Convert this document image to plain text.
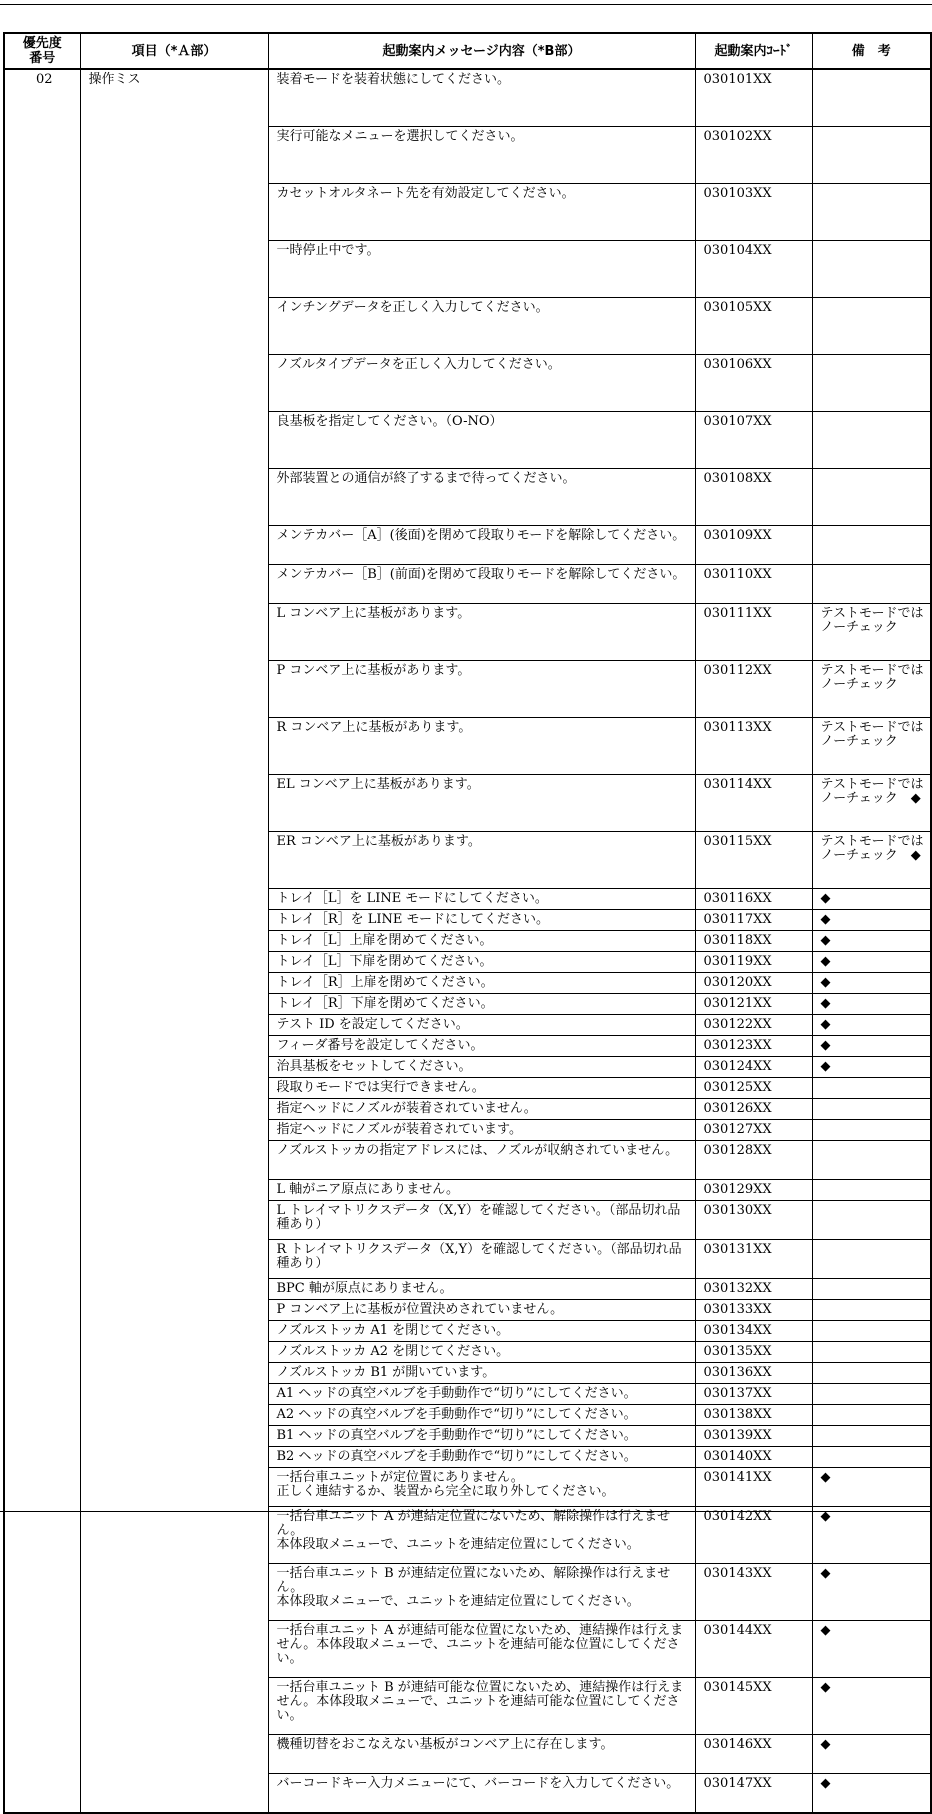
優先度
番号	項目（*Ａ部）	起動案内メッセージ内容（*B部）	起動案内ｺｰﾄﾞ	備　考
02	操作ミス	装着モードを装着状態にしてください。	030101XX	
		実行可能なメニューを選択してください。	030102XX	
		カセットオルタネート先を有効設定してください。	030103XX	
		一時停止中です。	030104XX	
		インチングデータを正しく入力してください。	030105XX	
		ノズルタイプデータを正しく入力してください。	030106XX	
		良基板を指定してください。（O-NO）	030107XX	
		外部装置との通信が終了するまで待ってください。	030108XX	
		メンテカバー［A］(後面)を閉めて段取りモードを解除してください。	030109XX	
		メンテカバー［B］(前面)を閉めて段取りモードを解除してください。	030110XX	
		L コンベア上に基板があります。	030111XX	テストモードではノーチェック
		P コンベア上に基板があります。	030112XX	テストモードではノーチェック
		R コンベア上に基板があります。	030113XX	テストモードではノーチェック
		EL コンベア上に基板があります。	030114XX	テストモードではノーチェック　◆
		ER コンベア上に基板があります。	030115XX	テストモードではノーチェック　◆
		トレイ［L］を LINE モードにしてください。	030116XX	◆
		トレイ［R］を LINE モードにしてください。	030117XX	◆
		トレイ［L］上扉を閉めてください。	030118XX	◆
		トレイ［L］下扉を閉めてください。	030119XX	◆
		トレイ［R］上扉を閉めてください。	030120XX	◆
		トレイ［R］下扉を閉めてください。	030121XX	◆
		テスト ID を設定してください。	030122XX	◆
		フィーダ番号を設定してください。	030123XX	◆
		治具基板をセットしてください。	030124XX	◆
		段取りモードでは実行できません。	030125XX	
		指定ヘッドにノズルが装着されていません。	030126XX	
		指定ヘッドにノズルが装着されています。	030127XX	
		ノズルストッカの指定アドレスには、ノズルが収納されていません。	030128XX	
		L 軸がニア原点にありません。	030129XX	
		L トレイマトリクスデータ（X,Y）を確認してください。（部品切れ品種あり）	030130XX	
		R トレイマトリクスデータ（X,Y）を確認してください。（部品切れ品種あり）	030131XX	
		BPC 軸が原点にありません。	030132XX	
		P コンベア上に基板が位置決めされていません。	030133XX	
		ノズルストッカ A1 を閉じてください。	030134XX	
		ノズルストッカ A2 を閉じてください。	030135XX	
		ノズルストッカ B1 が開いています。	030136XX	
		A1 ヘッドの真空バルブを手動動作で“切り”にしてください。	030137XX	
		A2 ヘッドの真空バルブを手動動作で“切り”にしてください。	030138XX	
		B1 ヘッドの真空バルブを手動動作で“切り”にしてください。	030139XX	
		B2 ヘッドの真空バルブを手動動作で“切り”にしてください。	030140XX	
		一括台車ユニットが定位置にありません。
正しく連結するか、装置から完全に取り外してください。	030141XX	◆
		一括台車ユニット A が連結定位置にないため、解除操作は行えません。
本体段取メニューで、ユニットを連結定位置にしてください。	030142XX	◆
		一括台車ユニット B が連結定位置にないため、解除操作は行えません。
本体段取メニューで、ユニットを連結定位置にしてください。	030143XX	◆
		一括台車ユニット A が連結可能な位置にないため、連結操作は行えません。本体段取メニューで、ユニットを連結可能な位置にしてください。	030144XX	◆
		一括台車ユニット B が連結可能な位置にないため、連結操作は行えません。本体段取メニューで、ユニットを連結可能な位置にしてください。	030145XX	◆
		機種切替をおこなえない基板がコンベア上に存在します。	030146XX	◆
		バーコードキー入力メニューにて、バーコードを入力してください。	030147XX	◆
